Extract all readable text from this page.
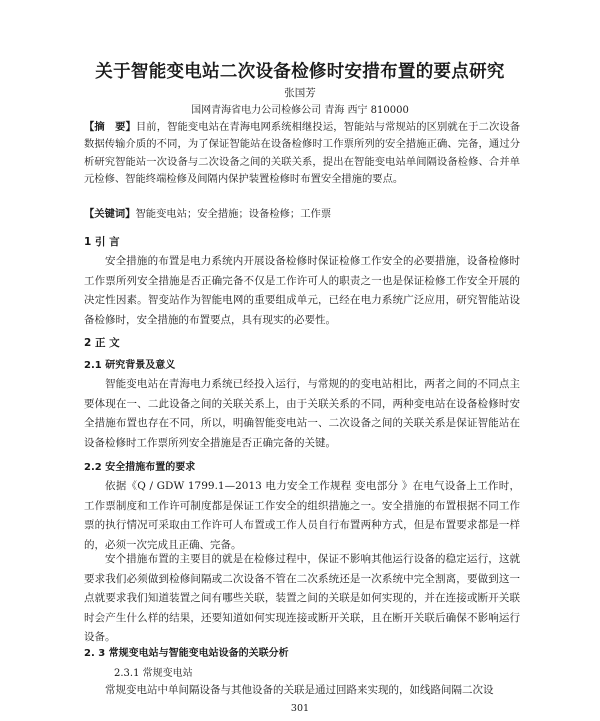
关于智能变电站二次设备检修时安措布置的要点研究
张国芳
国网青海省电力公司检修公司 青海 西宁 810000
【摘　要】目前，智能变电站在青海电网系统相继投运，智能站与常规站的区别就在于二次设备数据传输介质的不同，为了保证智能站在设备检修时工作票所列的安全措施正确、完备，通过分析研究智能站一次设备与二次设备之间的关联关系，提出在智能变电站单间隔设备检修、合并单元检修、智能终端检修及间隔内保护装置检修时布置安全措施的要点。
【关键词】智能变电站；安全措施；设备检修；工作票
1 引 言
安全措施的布置是电力系统内开展设备检修时保证检修工作安全的必要措施，设备检修时工作票所列安全措施是否正确完备不仅是工作许可人的职责之一也是保证检修工作安全开展的决定性因素。智变站作为智能电网的重要组成单元，已经在电力系统广泛应用，研究智能站设备检修时，安全措施的布置要点，具有现实的必要性。
2 正 文
2.1 研究背景及意义
智能变电站在青海电力系统已经投入运行，与常规的的变电站相比，两者之间的不同点主要体现在一、二此设备之间的关联关系上，由于关联关系的不同，两种变电站在设备检修时安全措施布置也存在不同，所以，明确智能变电站一、二次设备之间的关联关系是保证智能站在设备检修时工作票所列安全措施是否正确完备的关键。
2.2 安全措施布置的要求
依据《Q / GDW 1799.1—2013 电力安全工作规程 变电部分 》在电气设备上工作时，工作票制度和工作许可制度都是保证工作安全的组织措施之一。安全措施的布置根据不同工作票的执行情况可采取由工作许可人布置或工作人员自行布置两种方式，但是布置要求都是一样的，必须一次完成且正确、完备。
安个措施布置的主要目的就是在检修过程中，保证不影响其他运行设备的稳定运行，这就要求我们必须做到检修间隔或二次设备不管在二次系统还是一次系统中完全割离，要做到这一点就要求我们知道装置之间有哪些关联，装置之间的关联是如何实现的，并在连接或断开关联时会产生什么样的结果，还要知道如何实现连接或断开关联，且在断开关联后确保不影响运行设备。
2. 3 常规变电站与智能变电站设备的关联分析
2.3.1 常规变电站
常规变电站中单间隔设备与其他设备的关联是通过回路来实现的，如线路间隔二次设
301
